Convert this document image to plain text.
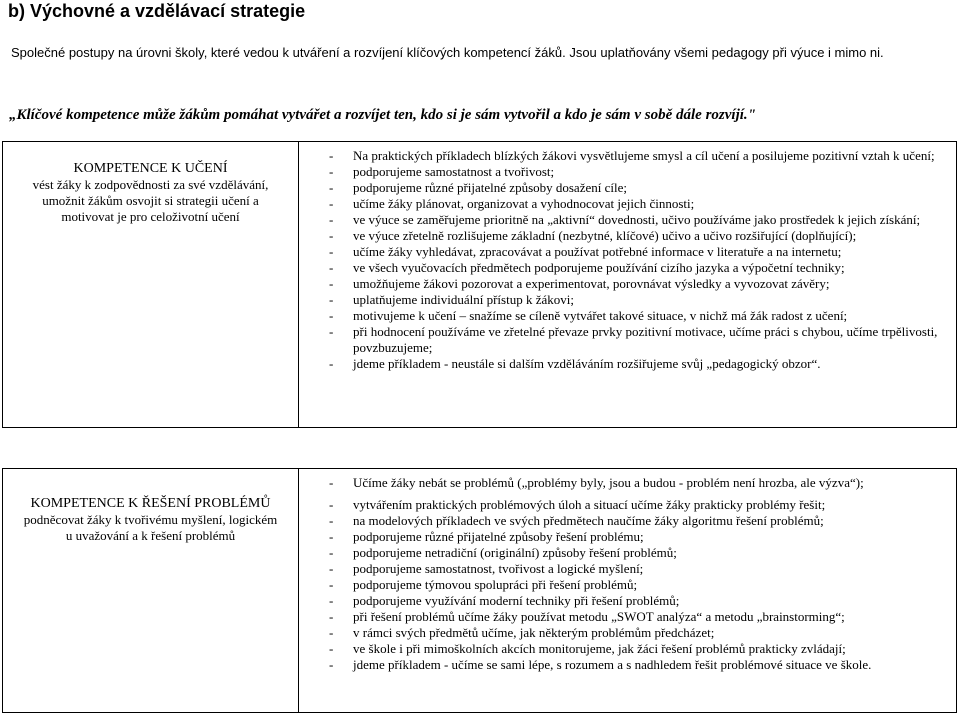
b) Výchovné a vzdělávací strategie
Společné postupy na úrovni školy, které vedou k utváření a rozvíjení klíčových kompetencí žáků. Jsou uplatňovány všemi pedagogy při výuce i mimo ni.
„Klíčové kompetence může žákům pomáhat vytvářet a rozvíjet ten, kdo si je sám vytvořil a kdo je sám v sobě dále rozvíjí."
KOMPETENCE K UČENÍ
vést žáky k zodpovědnosti za své vzdělávání, umožnit žákům osvojit si strategii učení a motivovat je pro celoživotní učení
- Na praktických příkladech blízkých žákovi vysvětlujeme smysl a cíl učení a posilujeme pozitivní vztah k učení;
- podporujeme samostatnost a tvořivost;
- podporujeme různé přijatelné způsoby dosažení cíle;
- učíme žáky plánovat, organizovat a vyhodnocovat jejich činnosti;
- ve výuce se zaměřujeme prioritně na „aktivní“ dovednosti, učivo používáme jako prostředek k jejich získání;
- ve výuce zřetelně rozlišujeme základní (nezbytné, klíčové) učivo a učivo rozšiřující (doplňující);
- učíme žáky vyhledávat, zpracovávat a používat potřebné informace v literatuře a na internetu;
- ve všech vyučovacích předmětech podporujeme používání cizího jazyka a výpočetní techniky;
- umožňujeme žákovi pozorovat a experimentovat, porovnávat výsledky a vyvozovat závěry;
- uplatňujeme individuální přístup k žákovi;
- motivujeme k učení – snažíme se cíleně vytvářet takové situace, v nichž má žák radost z učení;
- při hodnocení používáme ve zřetelné převaze prvky pozitivní motivace, učíme práci s chybou, učíme trpělivosti, povzbuzujeme;
- jdeme příkladem - neustále si dalším vzděláváním rozšiřujeme svůj „pedagogický obzor“.
KOMPETENCE K ŘEŠENÍ PROBLÉMŮ
podněcovat žáky k tvořivému myšlení, logickém u uvažování a k řešení problémů
- Učíme žáky nebát se problémů („problémy byly, jsou a budou - problém není hrozba, ale výzva“);
- vytvářením praktických problémových úloh a situací učíme žáky prakticky problémy řešit;
- na modelových příkladech ve svých předmětech naučíme žáky algoritmu řešení problémů;
- podporujeme různé přijatelné způsoby řešení problému;
- podporujeme netradiční (originální) způsoby řešení problémů;
- podporujeme samostatnost, tvořivost a logické myšlení;
- podporujeme týmovou spolupráci při řešení problémů;
- podporujeme využívání moderní techniky při řešení problémů;
- při řešení problémů učíme žáky používat metodu „SWOT analýza“ a metodu „brainstorming“;
- v rámci svých předmětů učíme, jak některým problémům předcházet;
- ve škole i při mimoškolních akcích monitorujeme, jak žáci řešení problémů prakticky zvládají;
- jdeme příkladem - učíme se sami lépe, s rozumem a s nadhledem řešit problémové situace ve škole.
